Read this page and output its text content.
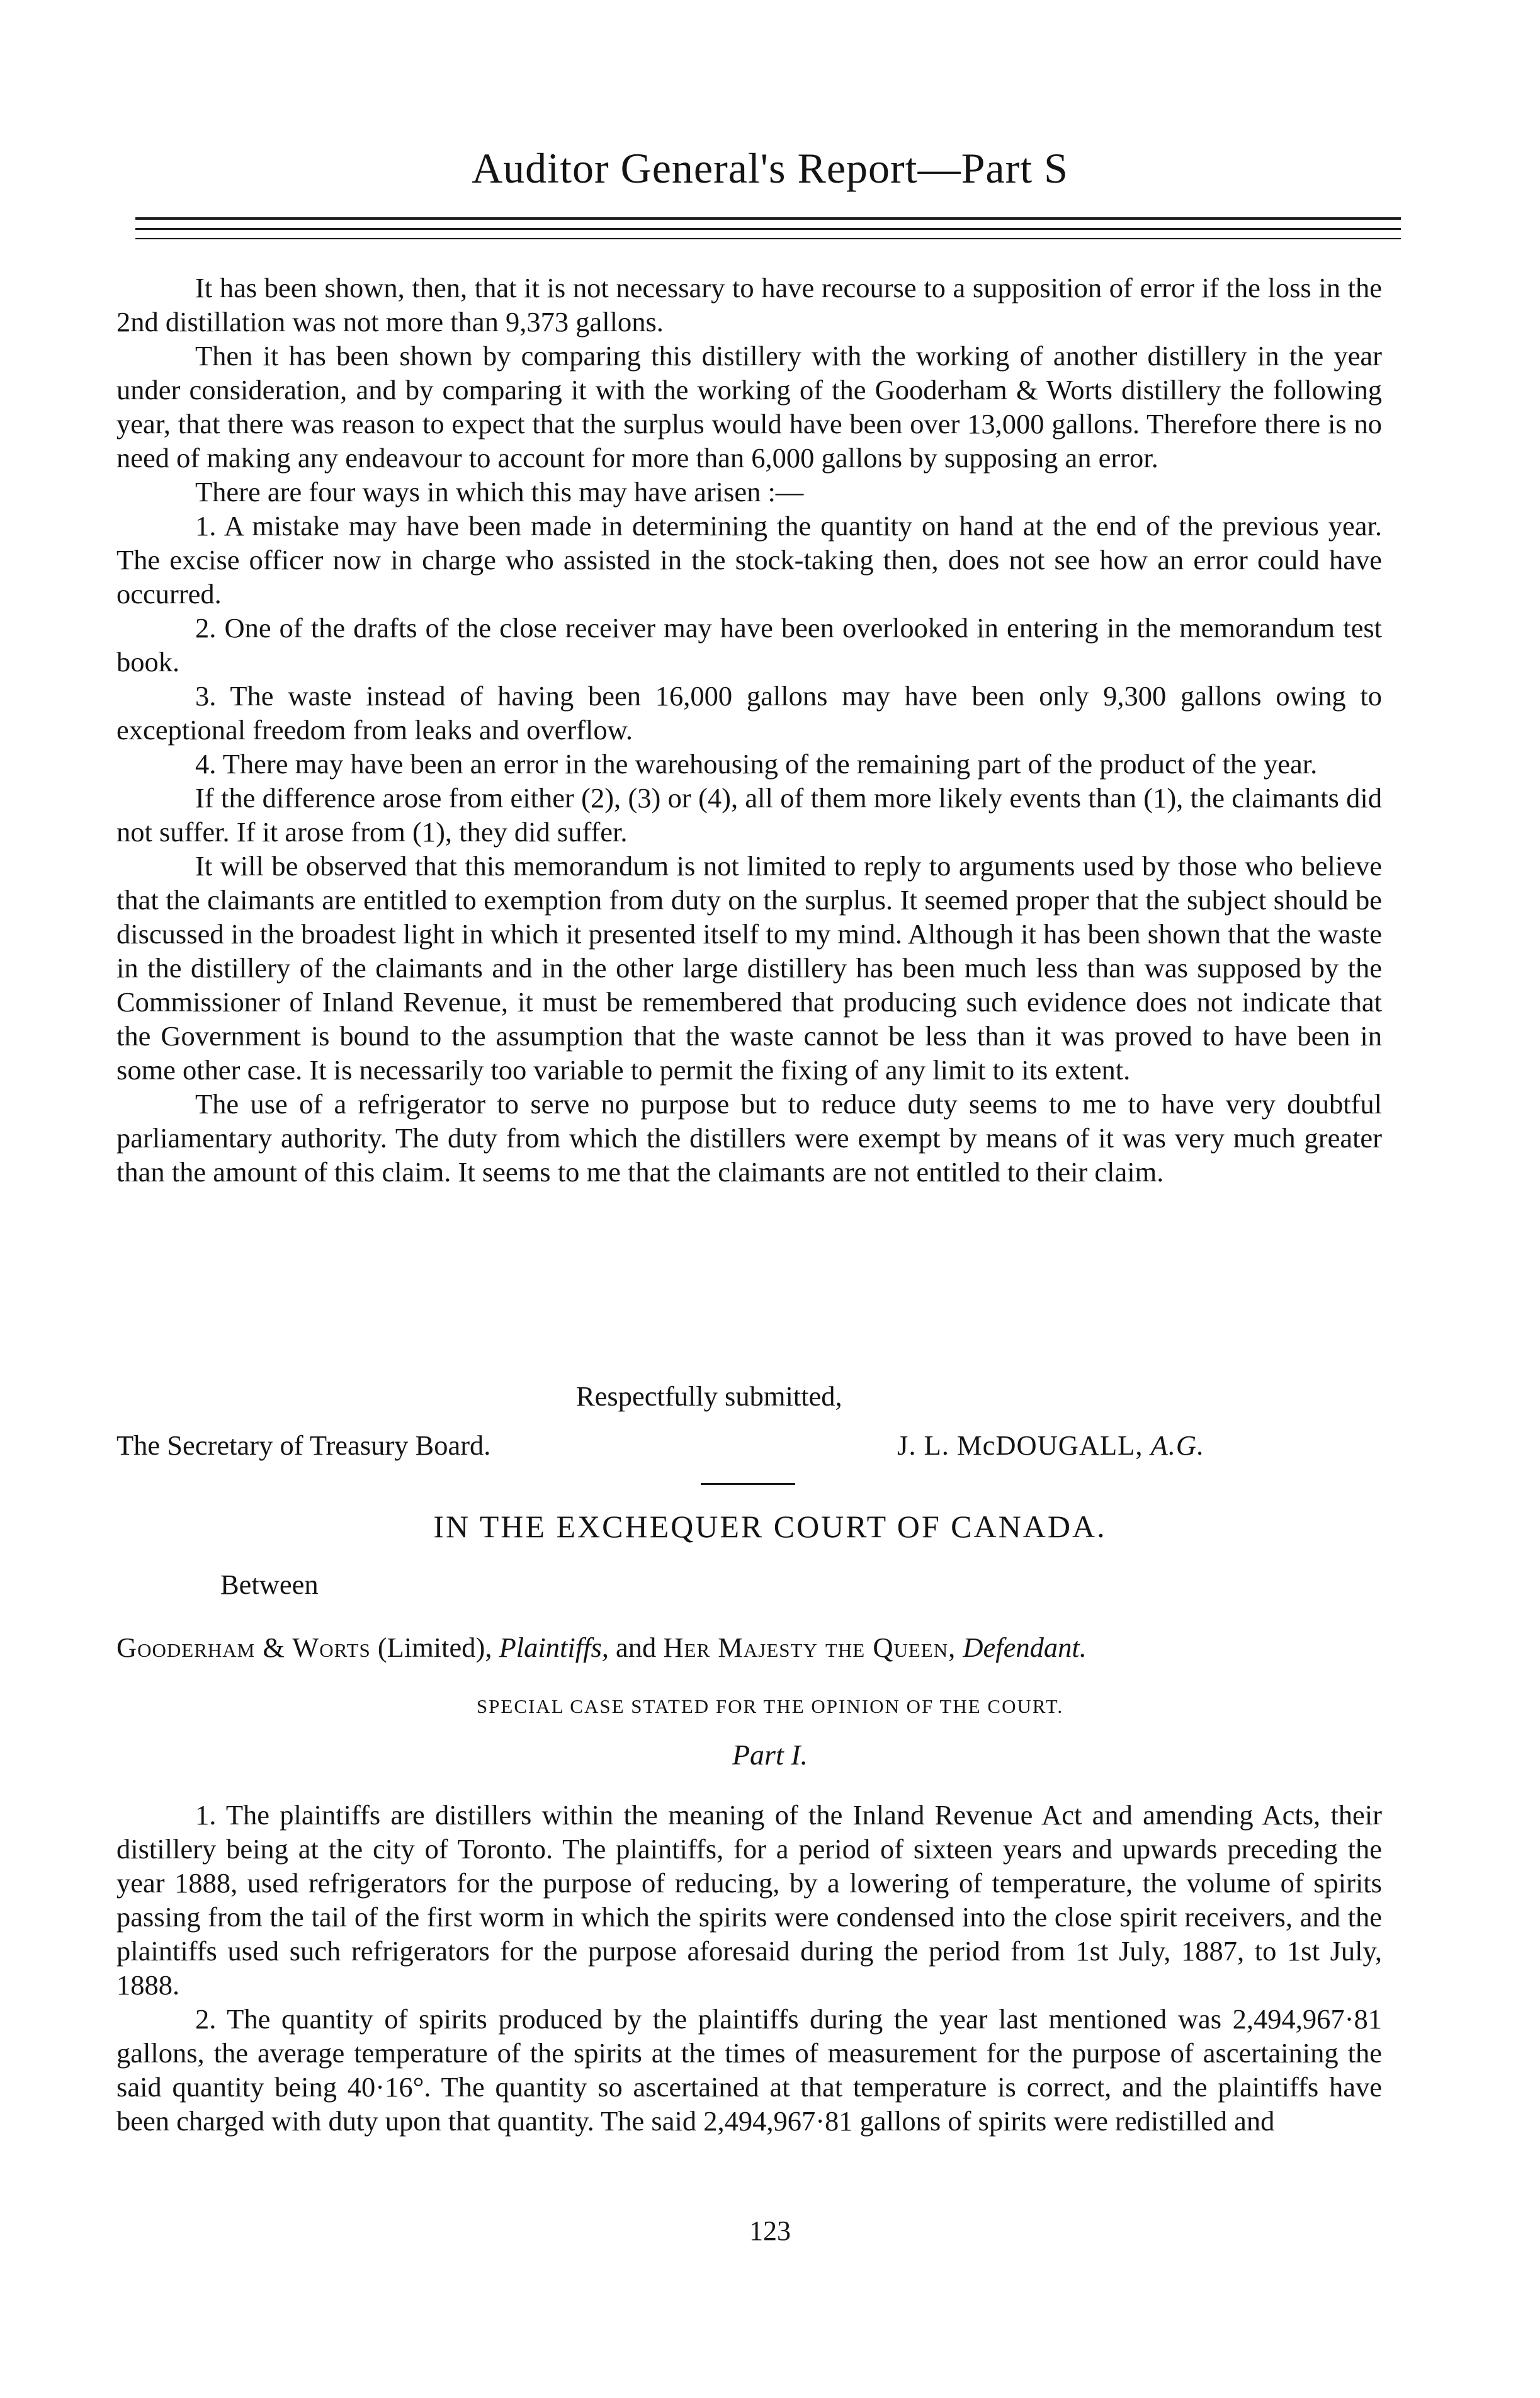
Auditor General's Report—Part S

It has been shown, then, that it is not necessary to have recourse to a supposition of error if the loss in the 2nd distillation was not more than 9,373 gallons.

Then it has been shown by comparing this distillery with the working of another distillery in the year under consideration, and by comparing it with the working of the Gooderham & Worts distillery the following year, that there was reason to expect that the surplus would have been over 13,000 gallons. Therefore there is no need of making any endeavour to account for more than 6,000 gallons by supposing an error.

There are four ways in which this may have arisen :—

1. A mistake may have been made in determining the quantity on hand at the end of the previous year. The excise officer now in charge who assisted in the stock-taking then, does not see how an error could have occurred.

2. One of the drafts of the close receiver may have been overlooked in entering in the memorandum test book.

3. The waste instead of having been 16,000 gallons may have been only 9,300 gallons owing to exceptional freedom from leaks and overflow.

4. There may have been an error in the warehousing of the remaining part of the product of the year.

If the difference arose from either (2), (3) or (4), all of them more likely events than (1), the claimants did not suffer. If it arose from (1), they did suffer.

It will be observed that this memorandum is not limited to reply to arguments used by those who believe that the claimants are entitled to exemption from duty on the surplus. It seemed proper that the subject should be discussed in the broadest light in which it presented itself to my mind. Although it has been shown that the waste in the distillery of the claimants and in the other large distillery has been much less than was supposed by the Commissioner of Inland Revenue, it must be remembered that producing such evidence does not indicate that the Government is bound to the assumption that the waste cannot be less than it was proved to have been in some other case. It is necessarily too variable to permit the fixing of any limit to its extent.

The use of a refrigerator to serve no purpose but to reduce duty seems to me to have very doubtful parliamentary authority. The duty from which the distillers were exempt by means of it was very much greater than the amount of this claim. It seems to me that the claimants are not entitled to their claim.

Respectfully submitted,
The Secretary of Treasury Board.	J. L. McDOUGALL, A.G.
IN THE EXCHEQUER COURT OF CANADA.
Between
Gooderham & Worts (Limited), Plaintiffs, and Her Majesty the Queen, Defendant.
SPECIAL CASE STATED FOR THE OPINION OF THE COURT.
Part I.

1. The plaintiffs are distillers within the meaning of the Inland Revenue Act and amending Acts, their distillery being at the city of Toronto. The plaintiffs, for a period of sixteen years and upwards preceding the year 1888, used refrigerators for the purpose of reducing, by a lowering of temperature, the volume of spirits passing from the tail of the first worm in which the spirits were condensed into the close spirit receivers, and the plaintiffs used such refrigerators for the purpose aforesaid during the period from 1st July, 1887, to 1st July, 1888.

2. The quantity of spirits produced by the plaintiffs during the year last mentioned was 2,494,967·81 gallons, the average temperature of the spirits at the times of measurement for the purpose of ascertaining the said quantity being 40·16°. The quantity so ascertained at that temperature is correct, and the plaintiffs have been charged with duty upon that quantity. The said 2,494,967·81 gallons of spirits were redistilled and

123
